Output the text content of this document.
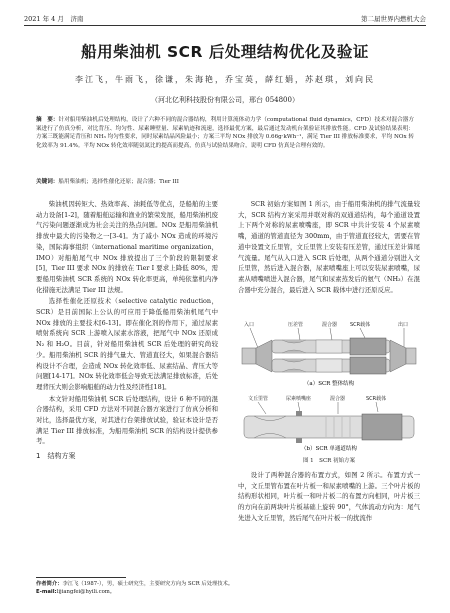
2021 年 4 月　济南	第二届世界内燃机大会
船用柴油机 SCR 后处理结构优化及验证
李江飞，牛雨飞，徐谦，朱海艳，乔宝英，薛红娟，苏赵琪，刘向民
（河北亿利科技股份有限公司，邢台 054800）
摘　要：针对船用柴油机后处理结构，设计了六种不同的混合器结构，利用计算流体动力学（computational fluid dynamics，CFD）技术对混合器方案进行了仿真分析，对比背压、均匀性、尿素睡壁量、尿素轨迹和流速，选择最优方案，最后通过发动机台架验证其排放性能。CFD 及试验结果表明：方案三既能满足背压和 NH₃ 均匀性要求，同时尿素结晶风险最小；方案三平均 NOx 排放为 0.66g·kWh⁻¹，满足 Tier III 排放标准要求，平均 NOx 转化效率为 91.4%。平均 NOx 转化效率随氨氮比的提高而提高，仿真与试验结果吻合，说明 CFD 仿真是合理有效的。
关键词：船用柴油机；选择性催化还原；混合器；Tier III

柴油机因转矩大、热效率高、油耗低等优点，是船舶的主要动力设备[1-2]，随着船舶运输和渔业的繁荣发展，船用柴油机废气污染问题逐渐成为社会关注的热点问题。NOx 是船用柴油机排放中最大的污染物之一[3-4]。为了减小 NOx 造成的环境污染，国际海事组织（international maritime organization，IMO）对船舶尾气中 NOx 排放提出了三个阶段的限制要求[5]，Tier III 要求 NOx 的排放在 Tier I 要求上降低 80%，需要船用柴油机 SCR 系统的 NOx 转化率更高，单纯依靠机内净化措施无法满足 Tier III 法规。

选择性催化还原技术（selective catalytic reduction，SCR）是目前国际上公认的可应用于降低船用柴油机尾气中 NOx 排放的主要技术[6-13]。即在催化剂的作用下，通过尿素喷射系统向 SCR 上游喷入尿素水溶液，把尾气中 NOx 还原成 N₂ 和 H₂O。目前，针对船用柴油机 SCR 后处理的研究尚较少。船用柴油机 SCR 的排气量大、管道直径大，如果混合器结构设计不合理，会造成 NOx 转化效率低、尿素结晶、背压大等问题[14-17]。NOx 转化效率低会导致无法满足排放标准，后处理背压大则会影响船舶的动力性及经济性[18]。

本文针对船用柴油机 SCR 后处理结构，设计 6 种不同的混合器结构，采用 CFD 方法对不同混合器方案进行了仿真分析和对比，选择最优方案，对其进行台架排放试验，验证本设计是否满足 Tier III 排放标准，为船用柴油机 SCR 的结构设计提供参考。

1　结构方案

SCR 初始方案如图 1 所示，由于船用柴油机的排气流量较大，SCR 结构方案采用并联对称的双通道结构，每个通道设置上下两个对称的尿素喷嘴座，即 SCR 中共计安装 4 个尿素喷嘴，通道的管道直径为 300mm，由于管道直径较大，需要在管道中设置文丘里管，文丘里管上安装有压差管，通过压差计算尾气流量。尾气从入口进入 SCR 后处理，从两个通道分别进入文丘里管，然后进入混合器，尿素喷嘴座上可以安装尿素喷嘴，尿素从喷嘴喷进入混合器，尾气和尿素蒸发后的氨气（NH₃）在混合器中充分混合，最后进入 SCR 载体中进行还原反应。

入口	压差管	混合器	SCR载体	出口
（a）SCR 整体结构
文丘里管	尿素喷嘴座	混合器	SCR载体
（b）SCR 单通道结构
图 1　SCR 初始方案

设计了两种混合器的布置方式，如图 2 所示。布置方式一中，文丘里管布置在叶片板一和尿素喷嘴的上游。三个叶片板的结构形状相同，叶片板一和叶片板二的布置方向相同，叶片板三的方向在前两块叶片板基础上旋转 90°，气体流动方向为：尾气先进入文丘里管，然后尾气在叶片板一的扰流作

作者简介：李江飞（1987-），男，硕士研究生，主要研究方向为 SCR 后处理技术。
E-mail:lijiangfei@hyili.com。
